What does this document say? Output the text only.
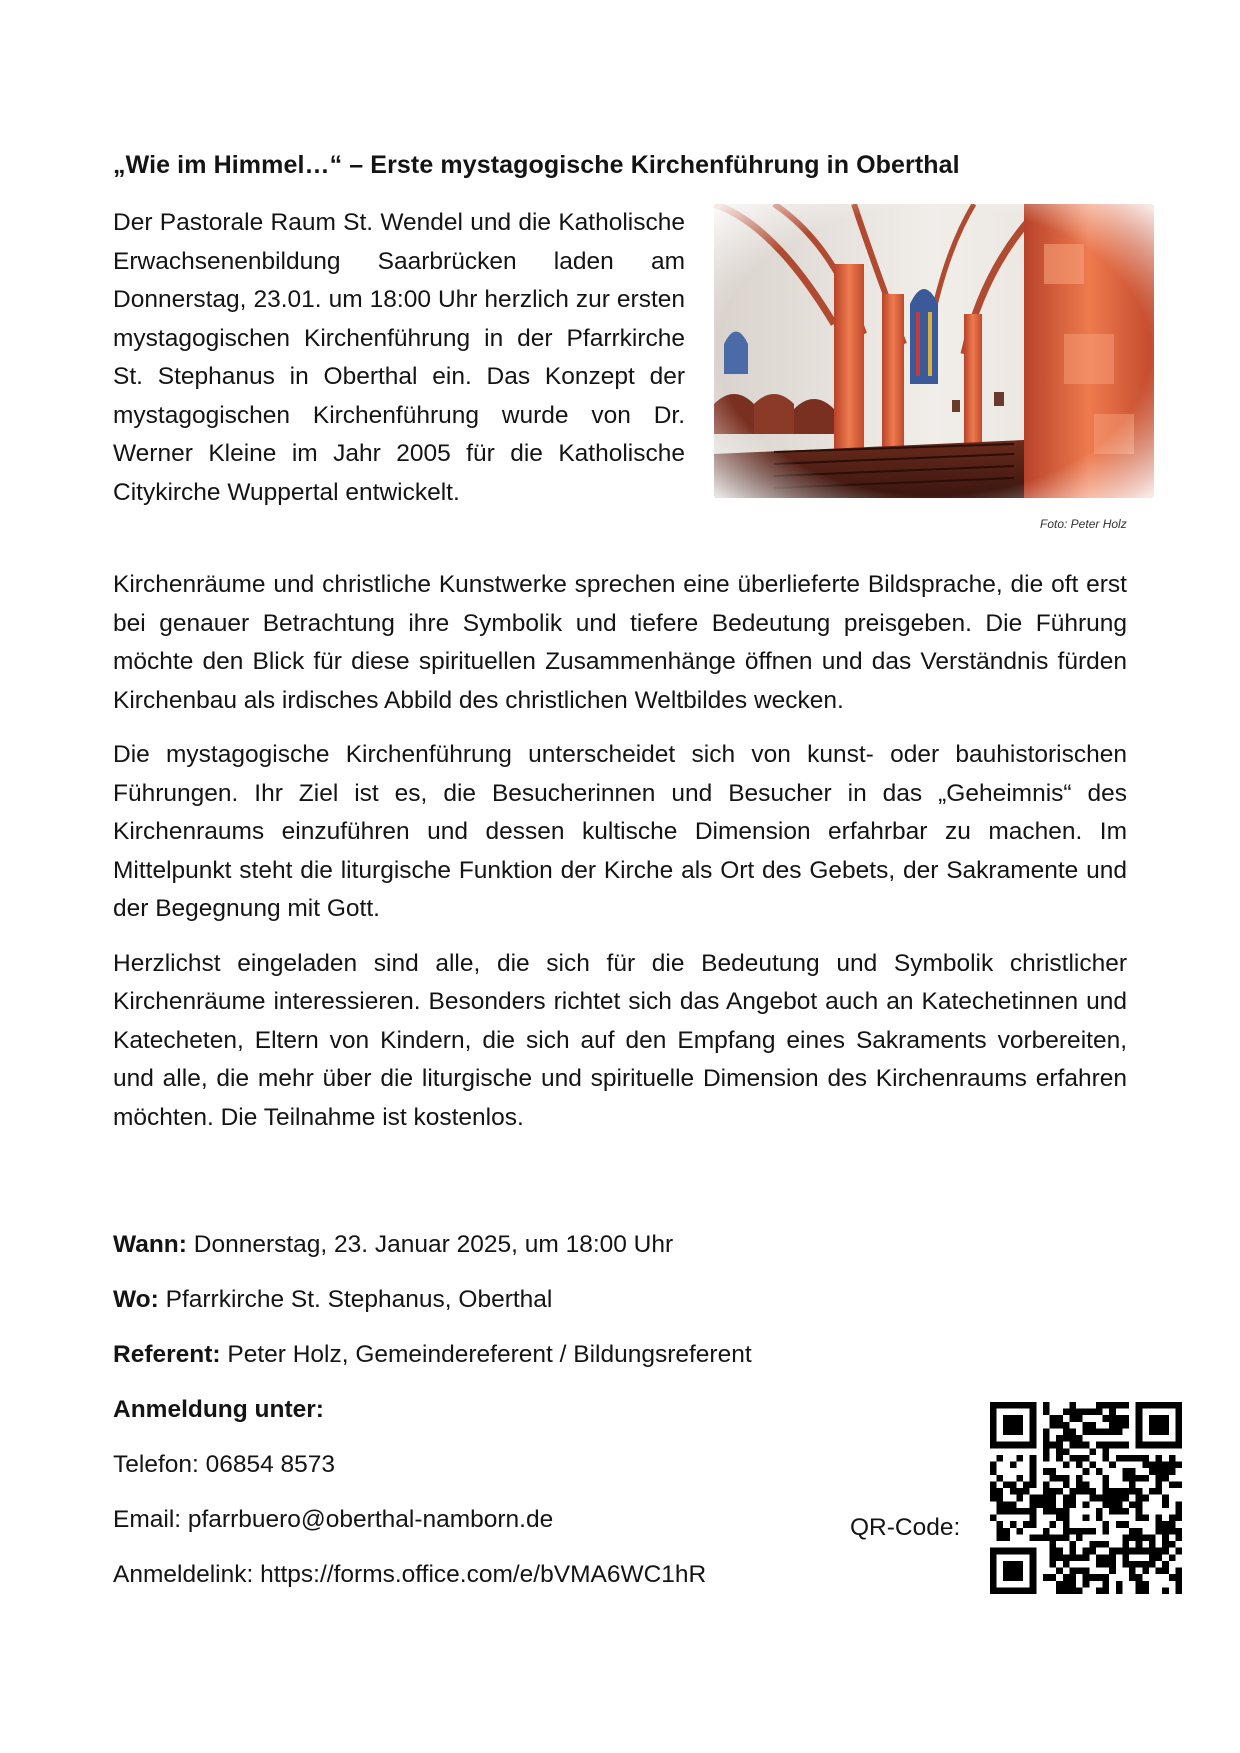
„Wie im Himmel…“ – Erste mystagogische Kirchenführung in Oberthal

Der Pastorale Raum St. Wendel und die Katholische Erwachsenenbildung Saarbrücken laden am Donnerstag, 23.01. um 18:00 Uhr herzlich zur ersten mystagogischen Kirchenführung in der Pfarrkirche St. Stephanus in Oberthal ein. Das Konzept der mystagogischen Kirchenführung wurde von Dr. Werner Kleine im Jahr 2005 für die Katholische Citykirche Wuppertal entwickelt.

Foto: Peter Holz

Kirchenräume und christliche Kunstwerke sprechen eine überlieferte Bildsprache, die oft erst bei genauer Betrachtung ihre Symbolik und tiefere Bedeutung preisgeben. Die Führung möchte den Blick für diese spirituellen Zusammenhänge öffnen und das Verständnis fürden Kirchenbau als irdisches Abbild des christlichen Weltbildes wecken.

Die mystagogische Kirchenführung unterscheidet sich von kunst- oder bauhistorischen Führungen. Ihr Ziel ist es, die Besucherinnen und Besucher in das „Geheimnis“ des Kirchenraums einzuführen und dessen kultische Dimension erfahrbar zu machen. Im Mittelpunkt steht die liturgische Funktion der Kirche als Ort des Gebets, der Sakramente und der Begegnung mit Gott.

Herzlichst eingeladen sind alle, die sich für die Bedeutung und Symbolik christlicher Kirchenräume interessieren. Besonders richtet sich das Angebot auch an Katechetinnen und Katecheten, Eltern von Kindern, die sich auf den Empfang eines Sakraments vorbereiten, und alle, die mehr über die liturgische und spirituelle Dimension des Kirchenraums erfahren möchten. Die Teilnahme ist kostenlos.

Wann: Donnerstag, 23. Januar 2025, um 18:00 Uhr
Wo: Pfarrkirche St. Stephanus, Oberthal
Referent: Peter Holz, Gemeindereferent / Bildungsreferent
Anmeldung unter:
Telefon: 06854 8573
Email: pfarrbuero@oberthal-namborn.de
Anmeldelink: https://forms.office.com/e/bVMA6WC1hR
QR-Code:
